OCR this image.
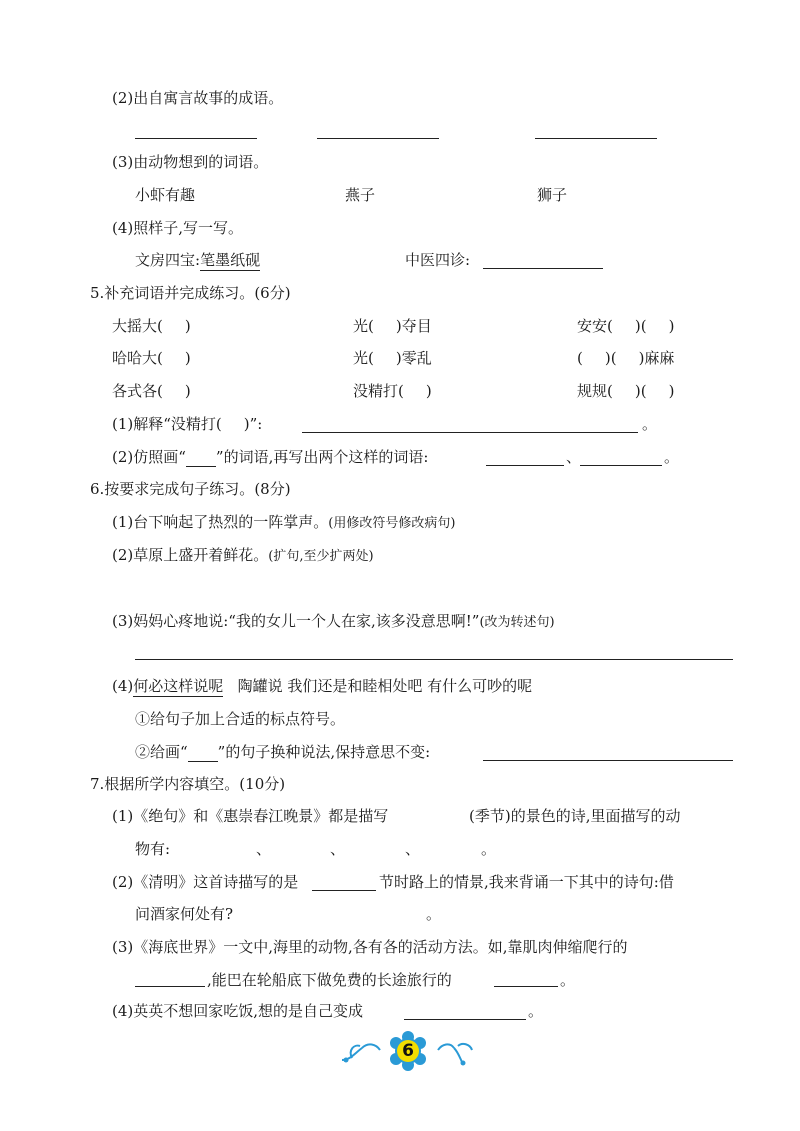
(2)出自寓言故事的成语。
(3)由动物想到的词语。
小虾有趣	燕子	狮子
(4)照样子,写一写。
文房四宝:笔墨纸砚	中医四诊:
5.补充词语并完成练习。(6分)
大摇大( )	光( )夺目	安安( )( )
哈哈大( )	光( )零乱	( )( )麻麻
各式各( )	没精打( )	规规( )( )
(1)解释“没精打( )”:	。
(2)仿照画“ ”的词语,再写出两个这样的词语:	、	。
6.按要求完成句子练习。(8分)
(1)台下响起了热烈的一阵掌声。(用修改符号修改病句)
(2)草原上盛开着鲜花。(扩句,至少扩两处)
(3)妈妈心疼地说:“我的女儿一个人在家,该多没意思啊!”(改为转述句)
(4)何必这样说呢 陶罐说 我们还是和睦相处吧 有什么可吵的呢
①给句子加上合适的标点符号。
②给画“ ”的句子换种说法,保持意思不变:
7.根据所学内容填空。(10分)
(1)《绝句》和《惠崇春江晚景》都是描写	(季节)的景色的诗,里面描写的动
物有:	、	、	、	。
(2)《清明》这首诗描写的是	节时路上的情景,我来背诵一下其中的诗句:借
问酒家何处有?	。
(3)《海底世界》一文中,海里的动物,各有各的活动方法。如,靠肌肉伸缩爬行的
,能巴在轮船底下做免费的长途旅行的	。
(4)英英不想回家吃饭,想的是自己变成	。
6
